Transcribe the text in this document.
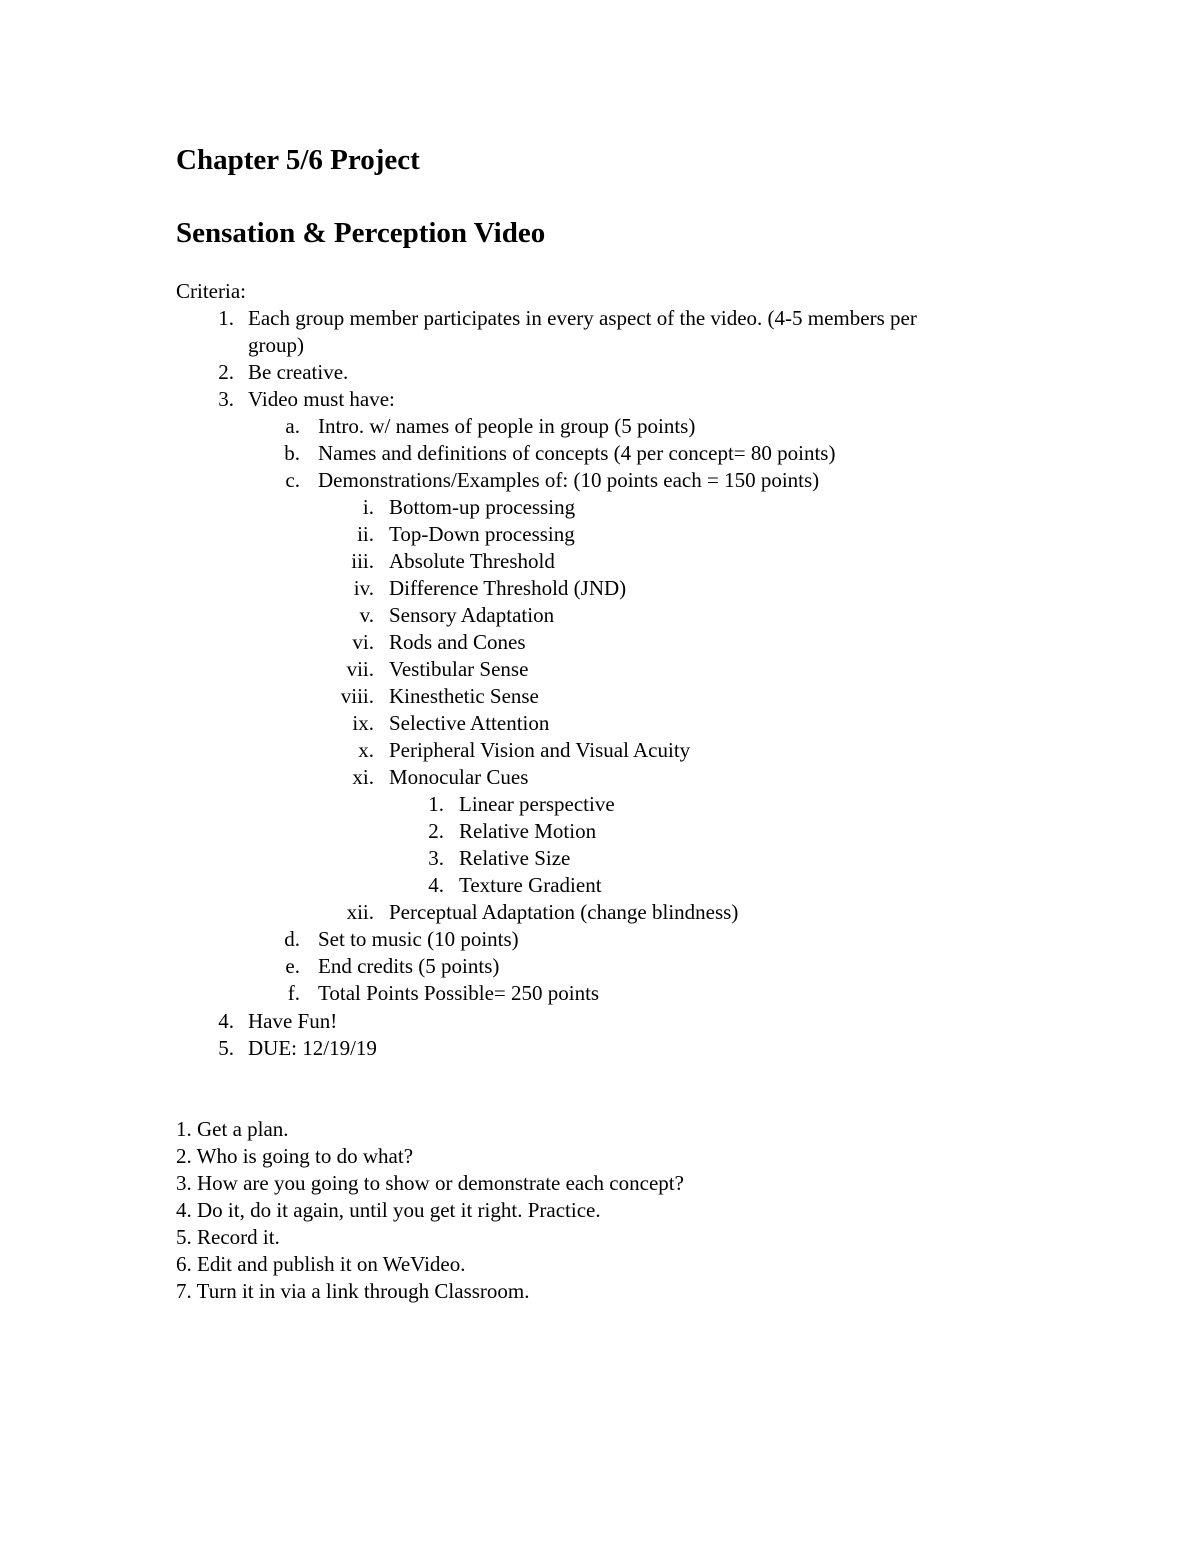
Chapter 5/6 Project
Sensation & Perception Video
Criteria:
1. Each group member participates in every aspect of the video. (4-5 members per
group)
2. Be creative.
3. Video must have:
a. Intro. w/ names of people in group (5 points)
b. Names and definitions of concepts (4 per concept= 80 points)
c. Demonstrations/Examples of: (10 points each = 150 points)
i. Bottom-up processing
ii. Top-Down processing
iii. Absolute Threshold
iv. Difference Threshold (JND)
v. Sensory Adaptation
vi. Rods and Cones
vii. Vestibular Sense
viii. Kinesthetic Sense
ix. Selective Attention
x. Peripheral Vision and Visual Acuity
xi. Monocular Cues
1. Linear perspective
2. Relative Motion
3. Relative Size
4. Texture Gradient
xii. Perceptual Adaptation (change blindness)
d. Set to music (10 points)
e. End credits (5 points)
f. Total Points Possible= 250 points
4. Have Fun!
5. DUE: 12/19/19
1. Get a plan.
2. Who is going to do what?
3. How are you going to show or demonstrate each concept?
4. Do it, do it again, until you get it right. Practice.
5. Record it.
6. Edit and publish it on WeVideo.
7. Turn it in via a link through Classroom.
